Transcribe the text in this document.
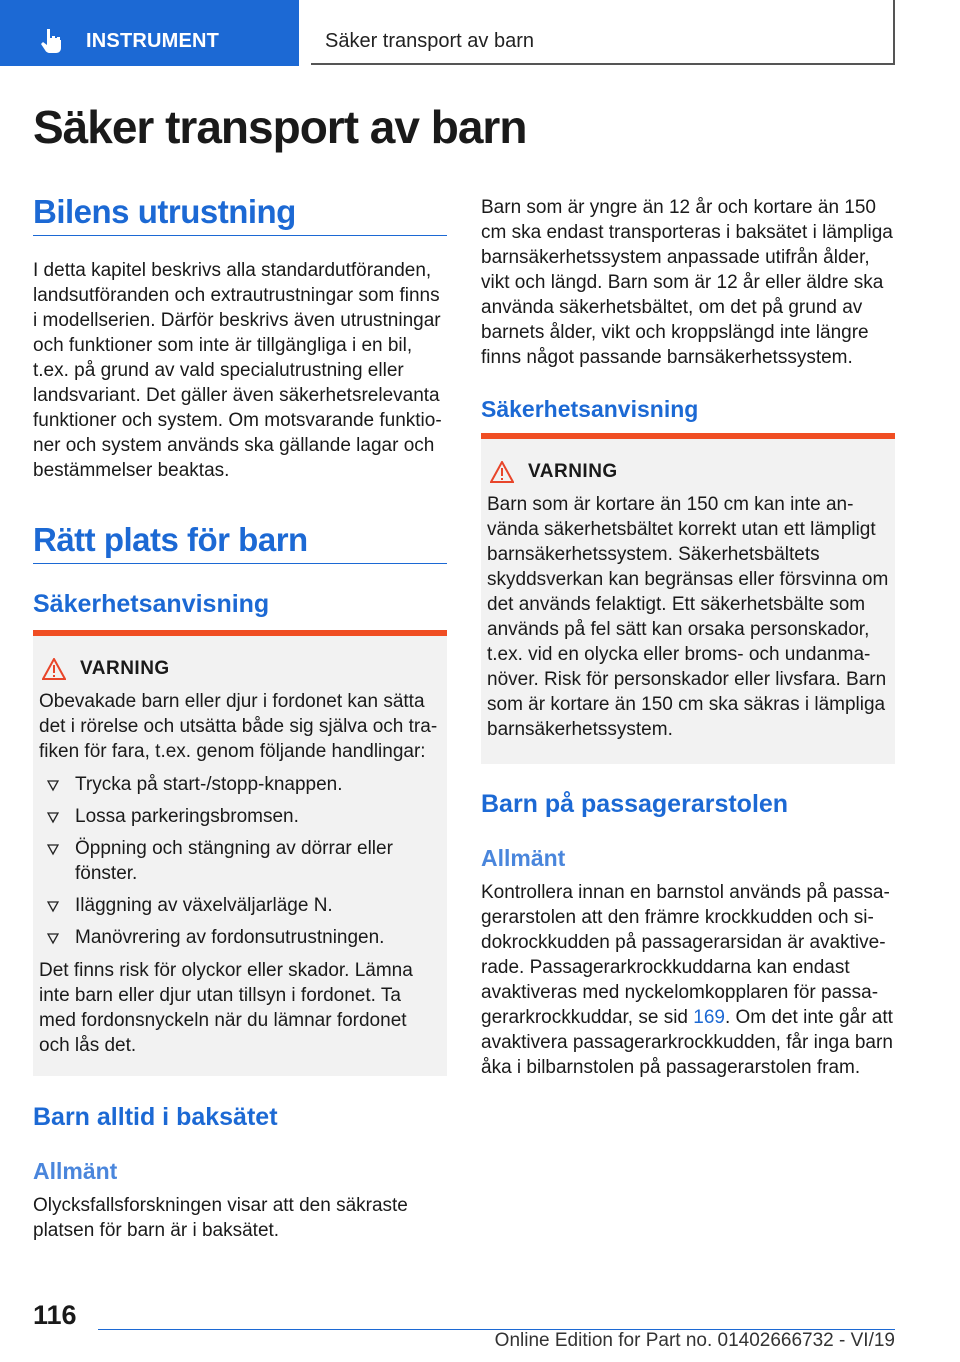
INSTRUMENT	Säker transport av barn
Säker transport av barn
Bilens utrustning

I detta kapitel beskrivs alla standardutföranden, landsutföranden och extrautrustningar som finns i modellserien. Därför beskrivs även utrustningar och funktioner som inte är tillgängliga i en bil, t.ex. på grund av vald specialutrustning eller landsvariant. Det gäller även säkerhetsrelevanta funktioner och system. Om motsvarande funktioner och system används ska gällande lagar och bestämmelser beaktas.

Rätt plats för barn
Säkerhetsanvisning
VARNING

Obevakade barn eller djur i fordonet kan sätta det i rörelse och utsätta både sig själva och trafiken för fara, t.ex. genom följande handlingar:

Trycka på start-/stopp-knappen.
Lossa parkeringsbromsen.
Öppning och stängning av dörrar eller fönster.
Iläggning av växelväljarläge N.
Manövrering av fordonsutrustningen.

Det finns risk för olyckor eller skador. Lämna inte barn eller djur utan tillsyn i fordonet. Ta med fordonsnyckeln när du lämnar fordonet och lås det.

Barn alltid i baksätet
Allmänt

Olycksfallsforskningen visar att den säkraste platsen för barn är i baksätet.

Barn som är yngre än 12 år och kortare än 150 cm ska endast transporteras i baksätet i lämpliga barnsäkerhetssystem anpassade utifrån ålder, vikt och längd. Barn som är 12 år eller äldre ska använda säkerhetsbältet, om det på grund av barnets ålder, vikt och kroppslängd inte längre finns något passande barnsäkerhetssystem.

Säkerhetsanvisning
VARNING

Barn som är kortare än 150 cm kan inte använda säkerhetsbältet korrekt utan ett lämpligt barnsäkerhetssystem. Säkerhetsbältets skyddsverkan kan begränsas eller försvinna om det används felaktigt. Ett säkerhetsbälte som används på fel sätt kan orsaka personskador, t.ex. vid en olycka eller broms- och undanmanöver. Risk för personskador eller livsfara. Barn som är kortare än 150 cm ska säkras i lämpliga barnsäkerhetssystem.

Barn på passagerarstolen
Allmänt

Kontrollera innan en barnstol används på passagerarstolen att den främre krockkudden och sidokrockkudden på passagerarsidan är avaktiverade. Passagerarkrockkuddarna kan endast avaktiveras med nyckelomkopplaren för passagerarkrockkuddar, se sid 169. Om det inte går att avaktivera passagerarkrockkudden, får inga barn åka i bilbarnstolen på passagerarstolen fram.

116
Online Edition for Part no. 01402666732 - VI/19
